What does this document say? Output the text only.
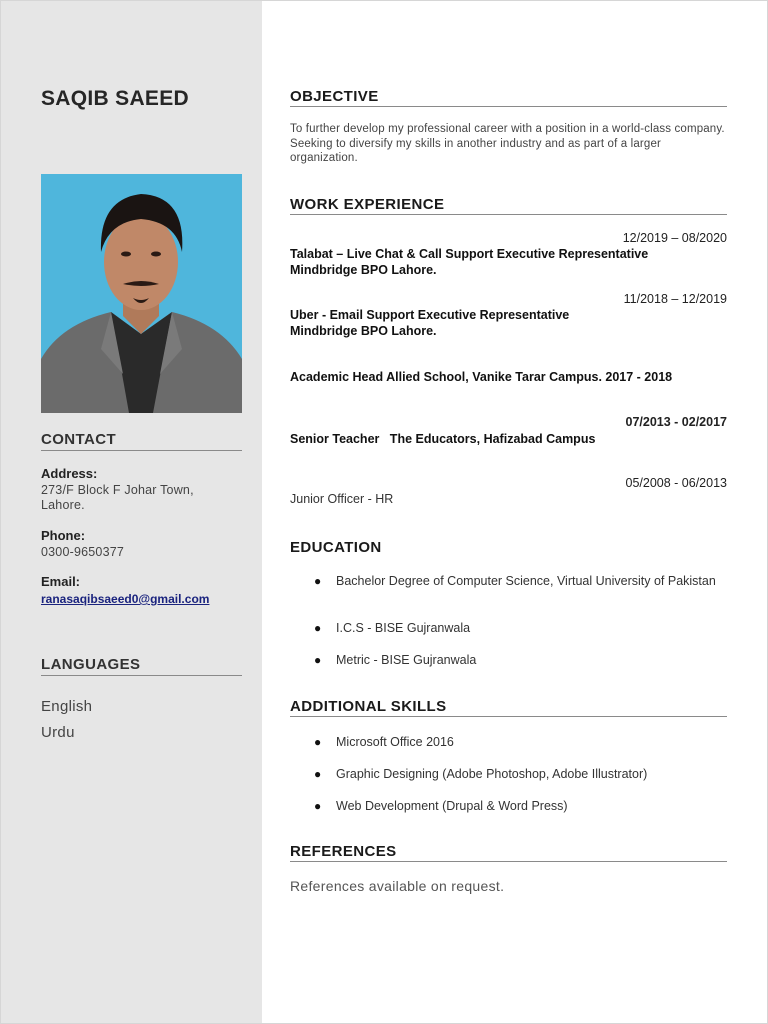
SAQIB SAEED
CONTACT
Address:
273/F Block F Johar Town,
Lahore.
Phone:
0300-9650377
Email:
ranasaqibsaeed0@gmail.com
LANGUAGES
English
Urdu
OBJECTIVE

To further develop my professional career with a position in a world-class company. Seeking to diversify my skills in another industry and as part of a larger organization.

WORK EXPERIENCE
12/2019 – 08/2020
Talabat – Live Chat & Call Support Executive Representative
Mindbridge BPO Lahore.
11/2018 – 12/2019
Uber - Email Support Executive Representative
Mindbridge BPO Lahore.
Academic Head Allied School, Vanike Tarar Campus. 2017 - 2018
07/2013 - 02/2017
Senior Teacher   The Educators, Hafizabad Campus
05/2008 - 06/2013
Junior Officer - HR
EDUCATION
● Bachelor Degree of Computer Science, Virtual University of Pakistan
● I.C.S - BISE Gujranwala
● Metric - BISE Gujranwala
ADDITIONAL SKILLS
● Microsoft Office 2016
● Graphic Designing (Adobe Photoshop, Adobe Illustrator)
● Web Development (Drupal & Word Press)
REFERENCES
References available on request.
